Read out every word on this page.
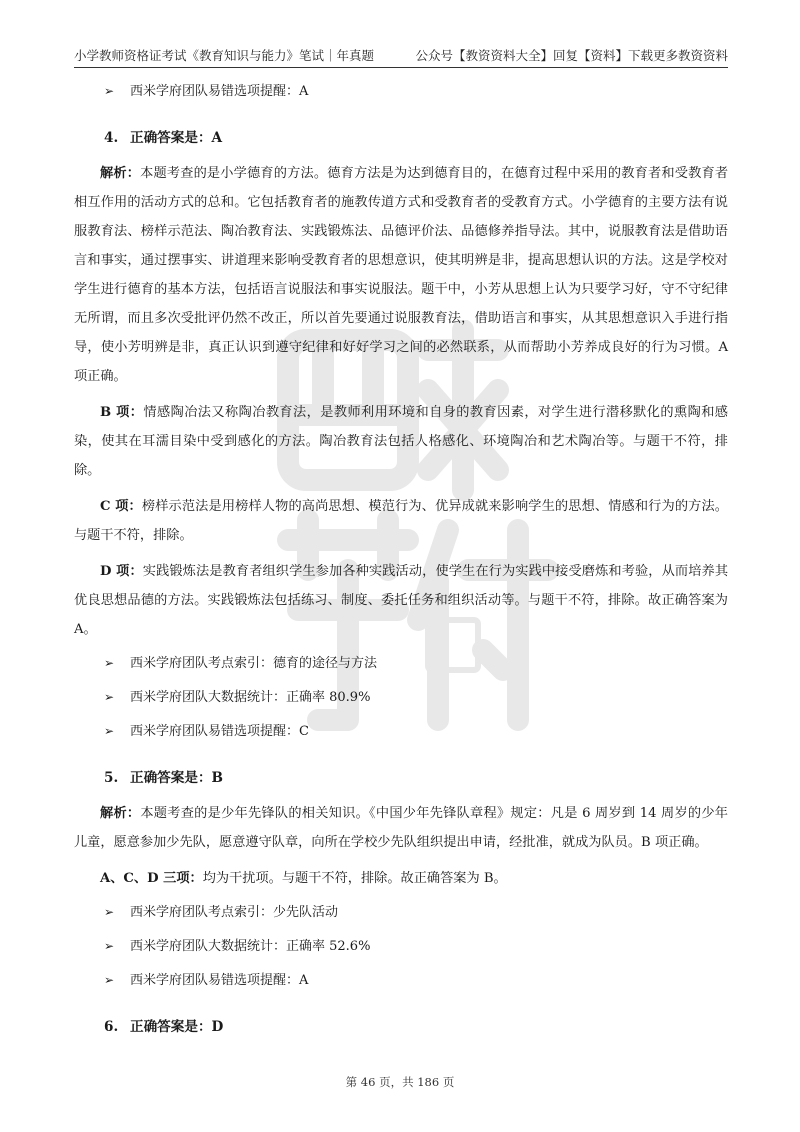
小学教师资格证考试《教育知识与能力》笔试｜年真题	公众号【教资资料大全】回复【资料】下载更多教资资料
➢ 西米学府团队易错选项提醒：A
4. 正确答案是：A

解析：本题考查的是小学德育的方法。德育方法是为达到德育目的，在德育过程中采用的教育者和受教育者相互作用的活动方式的总和。它包括教育者的施教传道方式和受教育者的受教育方式。小学德育的主要方法有说服教育法、榜样示范法、陶冶教育法、实践锻炼法、品德评价法、品德修养指导法。其中，说服教育法是借助语言和事实，通过摆事实、讲道理来影响受教育者的思想意识，使其明辨是非，提高思想认识的方法。这是学校对学生进行德育的基本方法，包括语言说服法和事实说服法。题干中，小芳从思想上认为只要学习好，守不守纪律无所谓，而且多次受批评仍然不改正，所以首先要通过说服教育法，借助语言和事实，从其思想意识入手进行指导，使小芳明辨是非，真正认识到遵守纪律和好好学习之间的必然联系，从而帮助小芳养成良好的行为习惯。A 项正确。

B 项：情感陶冶法又称陶冶教育法，是教师利用环境和自身的教育因素，对学生进行潜移默化的熏陶和感染，使其在耳濡目染中受到感化的方法。陶冶教育法包括人格感化、环境陶冶和艺术陶冶等。与题干不符，排除。

C 项：榜样示范法是用榜样人物的高尚思想、模范行为、优异成就来影响学生的思想、情感和行为的方法。与题干不符，排除。

D 项：实践锻炼法是教育者组织学生参加各种实践活动，使学生在行为实践中接受磨炼和考验，从而培养其优良思想品德的方法。实践锻炼法包括练习、制度、委托任务和组织活动等。与题干不符，排除。故正确答案为 A。

➢ 西米学府团队考点索引：德育的途径与方法
➢ 西米学府团队大数据统计：正确率 80.9%
➢ 西米学府团队易错选项提醒：C
5. 正确答案是：B

解析：本题考查的是少年先锋队的相关知识。《中国少年先锋队章程》规定：凡是 6 周岁到 14 周岁的少年儿童，愿意参加少先队，愿意遵守队章，向所在学校少先队组织提出申请，经批准，就成为队员。B 项正确。

A、C、D 三项：均为干扰项。与题干不符，排除。故正确答案为 B。

➢ 西米学府团队考点索引：少先队活动
➢ 西米学府团队大数据统计：正确率 52.6%
➢ 西米学府团队易错选项提醒：A
6. 正确答案是：D
第 46 页，共 186 页
